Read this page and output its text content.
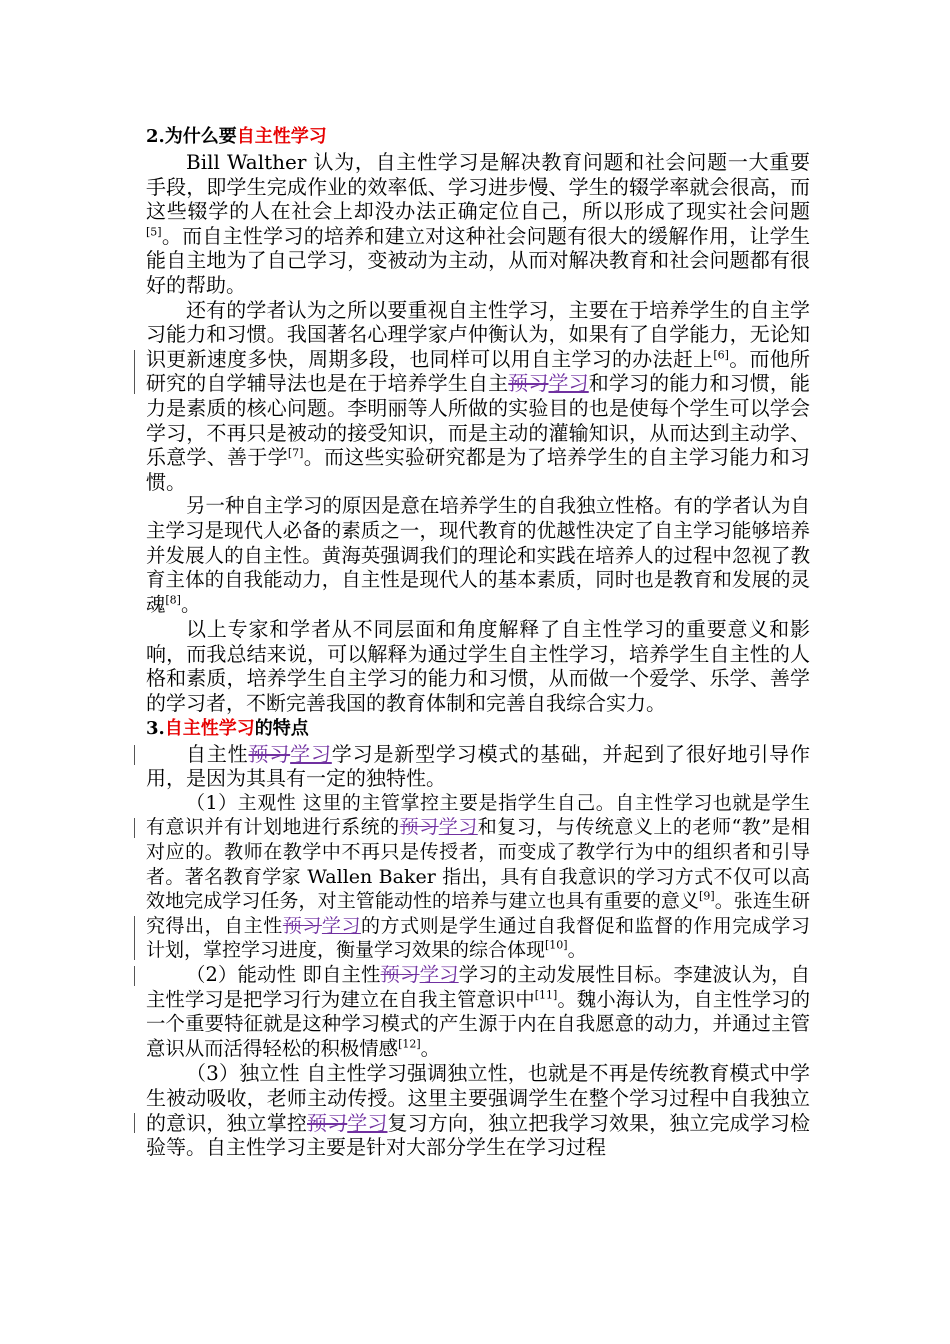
2.为什么要自主性学习

Bill Walther 认为，自主性学习是解决教育问题和社会问题一大重要手段，即学生完成作业的效率低、学习进步慢、学生的辍学率就会很高，而这些辍学的人在社会上却没办法正确定位自己，所以形成了现实社会问题[5]。而自主性学习的培养和建立对这种社会问题有很大的缓解作用，让学生能自主地为了自己学习，变被动为主动，从而对解决教育和社会问题都有很好的帮助。

还有的学者认为之所以要重视自主性学习，主要在于培养学生的自主学习能力和习惯。我国著名心理学家卢仲衡认为，如果有了自学能力，无论知识更新速度多快，周期多段，也同样可以用自主学习的办法赶上[6]。而他所研究的自学辅导法也是在于培养学生自主预习学习和学习的能力和习惯，能力是素质的核心问题。李明丽等人所做的实验目的也是使每个学生可以学会学习，不再只是被动的接受知识，而是主动的灌输知识，从而达到主动学、乐意学、善于学[7]。而这些实验研究都是为了培养学生的自主学习能力和习惯。

另一种自主学习的原因是意在培养学生的自我独立性格。有的学者认为自主学习是现代人必备的素质之一，现代教育的优越性决定了自主学习能够培养并发展人的自主性。黄海英强调我们的理论和实践在培养人的过程中忽视了教育主体的自我能动力，自主性是现代人的基本素质，同时也是教育和发展的灵魂[8]。

以上专家和学者从不同层面和角度解释了自主性学习的重要意义和影响，而我总结来说，可以解释为通过学生自主性学习，培养学生自主性的人格和素质，培养学生自主学习的能力和习惯，从而做一个爱学、乐学、善学的学习者，不断完善我国的教育体制和完善自我综合实力。

3.自主性学习的特点

自主性预习学习学习是新型学习模式的基础，并起到了很好地引导作用，是因为其具有一定的独特性。

（1）主观性 这里的主管掌控主要是指学生自己。自主性学习也就是学生有意识并有计划地进行系统的预习学习和复习，与传统意义上的老师“教”是相对应的。教师在教学中不再只是传授者，而变成了教学行为中的组织者和引导者。著名教育学家 Wallen Baker 指出，具有自我意识的学习方式不仅可以高效地完成学习任务，对主管能动性的培养与建立也具有重要的意义[9]。张连生研究得出，自主性预习学习的方式则是学生通过自我督促和监督的作用完成学习计划，掌控学习进度，衡量学习效果的综合体现[10]。

（2）能动性 即自主性预习学习学习的主动发展性目标。李建波认为，自主性学习是把学习行为建立在自我主管意识中[11]。魏小海认为，自主性学习的一个重要特征就是这种学习模式的产生源于内在自我愿意的动力，并通过主管意识从而活得轻松的积极情感[12]。

（3）独立性 自主性学习强调独立性，也就是不再是传统教育模式中学生被动吸收，老师主动传授。这里主要强调学生在整个学习过程中自我独立的意识，独立掌控预习学习复习方向，独立把我学习效果，独立完成学习检验等。自主性学习主要是针对大部分学生在学习过程
